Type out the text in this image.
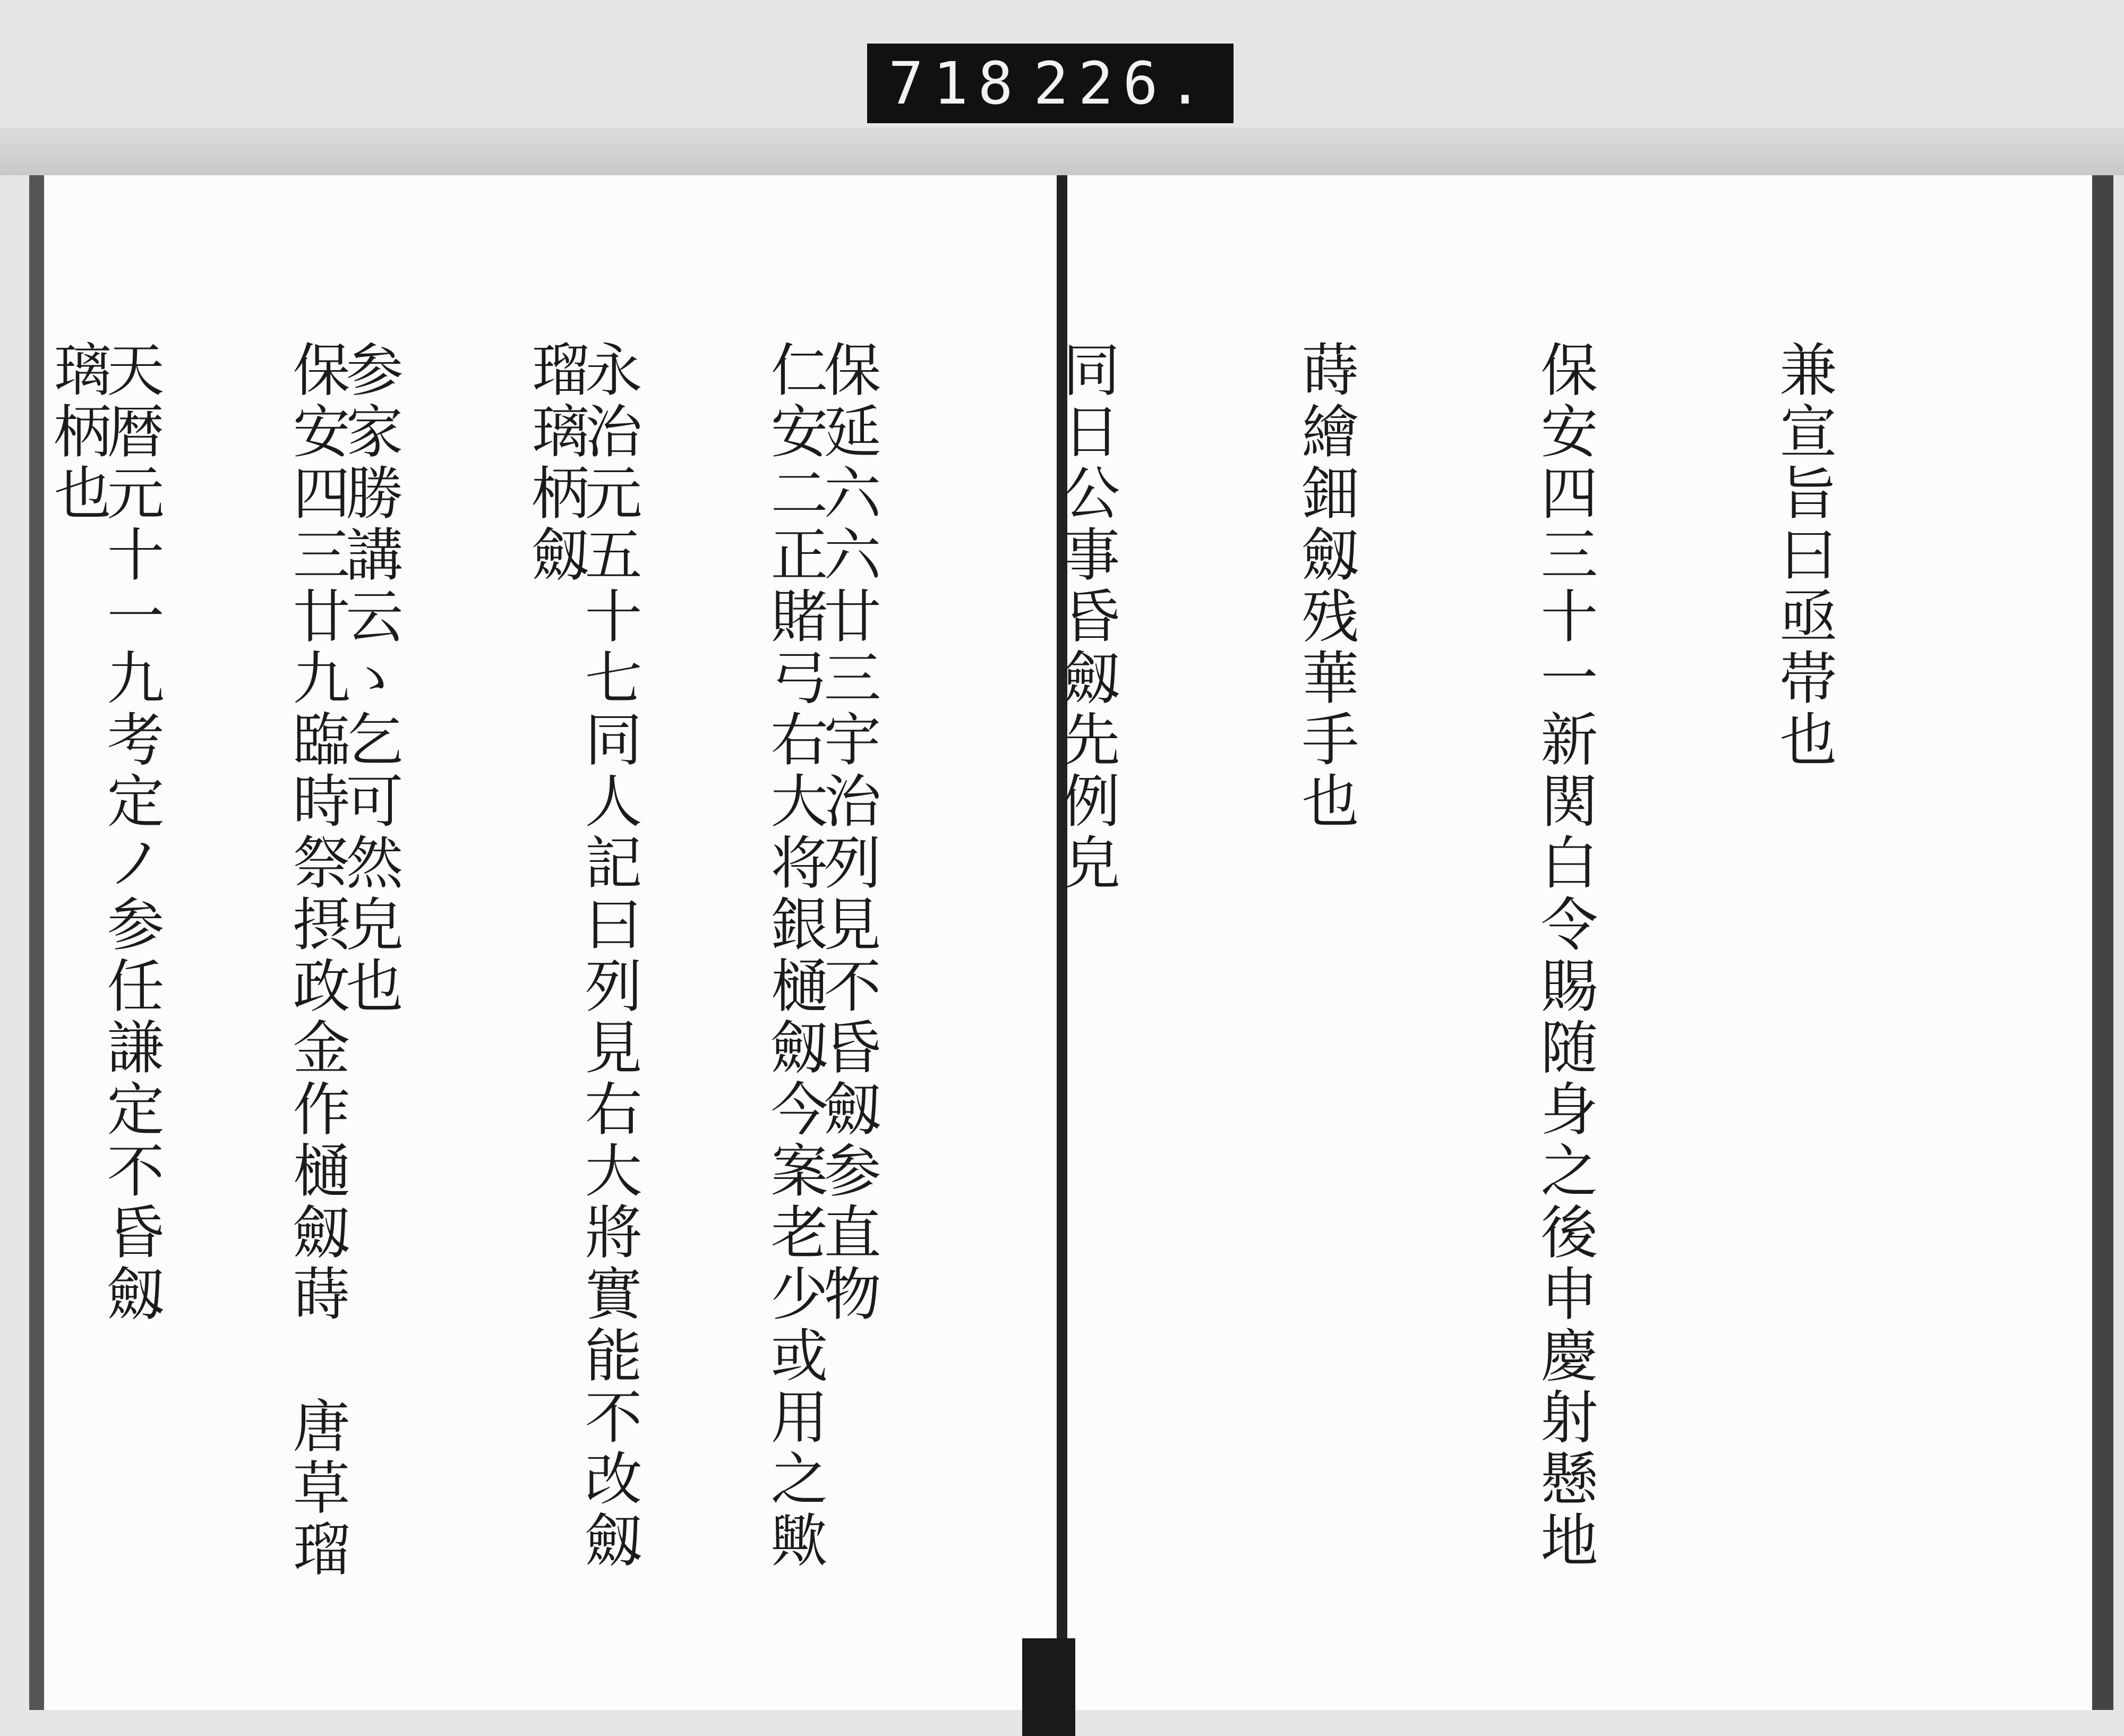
718 226.

兼宣旨曰亟帯也

保安四三十一新関白令賜随身之後申慶射懸地

蒔繪鈿劔残華手也

同日公事昏劔先例皃

保延六六廿三宇治列見不昏劔参直物

永治元五十七同人記曰列見右大將實能不改劔

参家勝講云ゝ乞可然皃也

天暦元十一九考定ノ参任謙定不昏劔

	仁安二正賭弓右大将銀樋劔今案老少或用之歟

瑠璃柄劔

保安四三廿九臨時祭摂政金作樋劔蒔 唐草瑠

璃柄也
